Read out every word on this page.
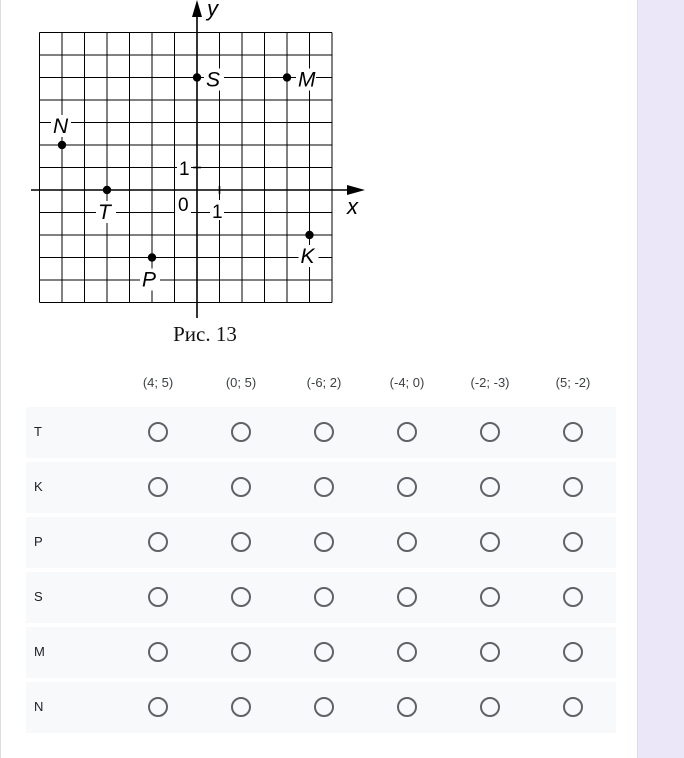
S	M
N
T
K
P
x
y
0 1
1
Рис. 13
(4; 5)	(0; 5)	(-6; 2)	(-4; 0)	(-2; -3)	(5; -2)
T
K
P
S
M
N
